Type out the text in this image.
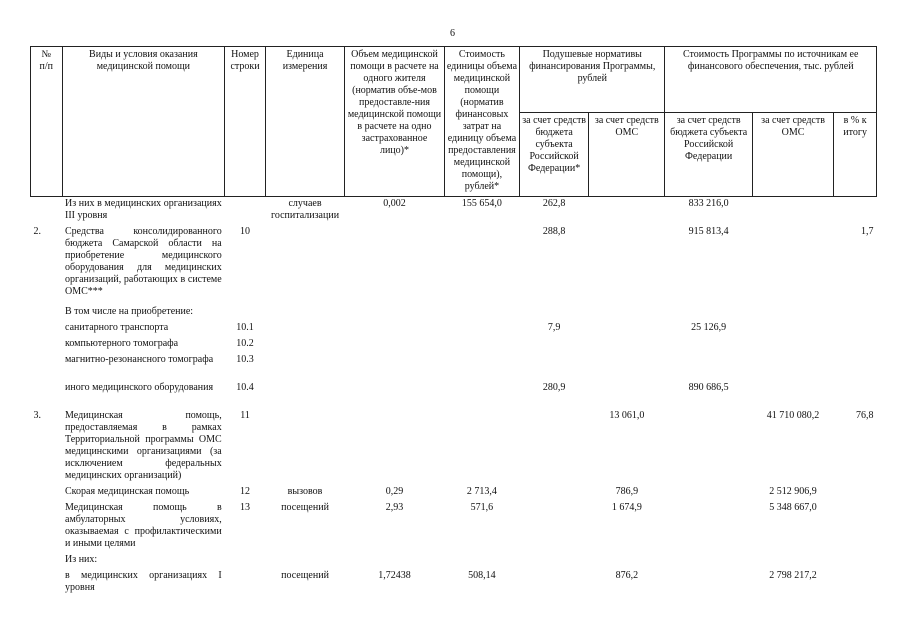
6
№
п/п	Виды и условия оказания медицинской помощи	Номер строки	Единица измерения	Объем медицинской помощи в расчете на одного жителя (норматив объе-мов предоставле-ния медицинской помощи в расчете на одно застрахованное лицо)*	Стоимость единицы объема медицинской помощи (норматив финансовых затрат на единицу объема предоставления медицинской помощи), рублей*	Подушевые нормативы финансирования Программы, рублей		Стоимость Программы по источникам ее финансового обеспечения, тыс. рублей		
						за счет средств бюджета субъекта Российской Федерации*	за счет средств ОМС	за счет средств бюджета субъекта Российской Федерации	за счет средств ОМС	в % к итогу
	Из них в медицинских организациях III уровня		случаев госпитализации	0,002	155 654,0	262,8		833 216,0		
2.	Средства консолидированного бюджета Самарской области на приобретение медицинского оборудования для медицинских организаций, работающих в системе ОМС***	10				288,8		915 813,4		1,7
	В том числе на приобретение:									
	санитарного транспорта	10.1				7,9		25 126,9		
	компьютерного томографа	10.2								
	магнитно-резонансного томографа	10.3								
	иного медицинского оборудования	10.4				280,9		890 686,5		
3.	Медицинская помощь, предоставляемая в рамках Территориальной программы ОМС медицинскими организациями (за исключением федеральных медицинских организаций)	11					13 061,0		41 710 080,2	76,8
	Скорая медицинская помощь	12	вызовов	0,29	2 713,4		786,9		2 512 906,9	
	Медицинская помощь в амбулаторных условиях, оказываемая с профилактическими и иными целями	13	посещений	2,93	571,6		1 674,9		5 348 667,0	
	Из них:									
	в медицинских организациях I уровня		посещений	1,72438	508,14		876,2		2 798 217,2	
